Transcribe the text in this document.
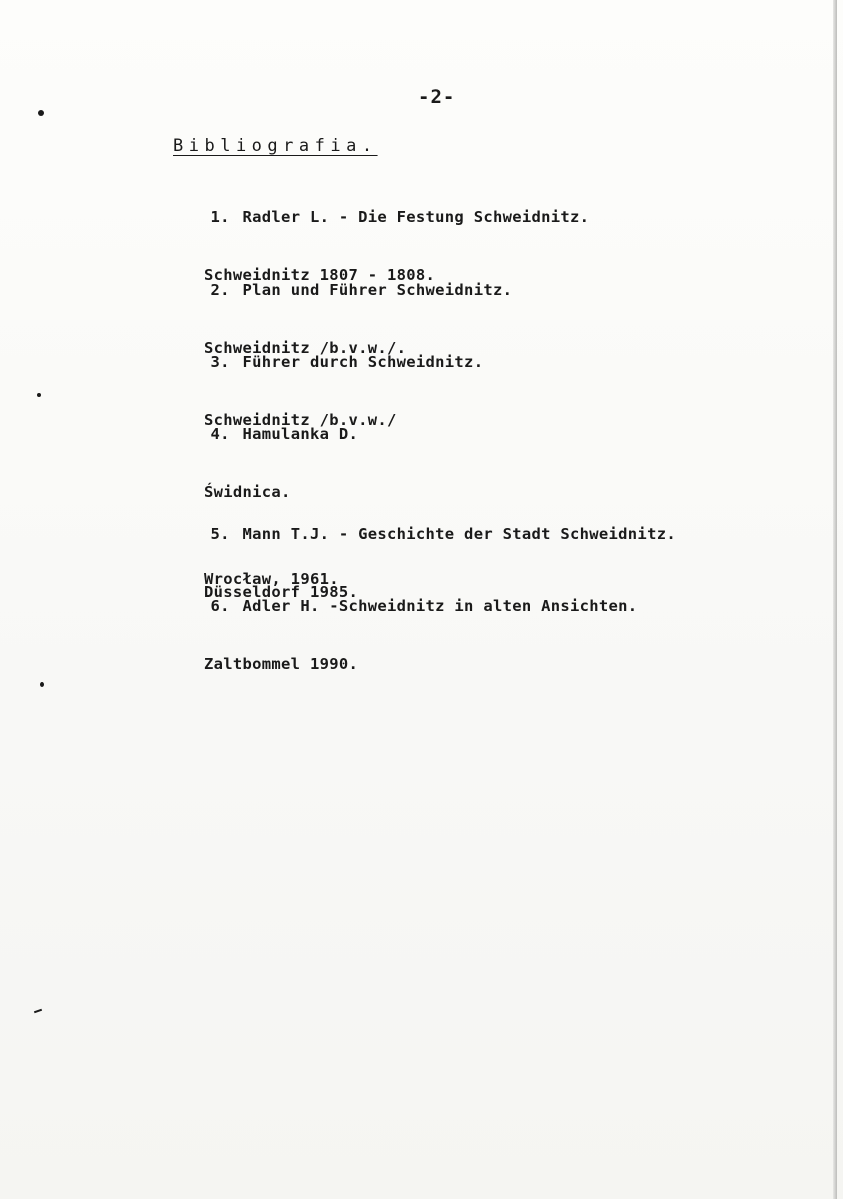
-2-
Bibliografia.

1. Radler L. - Die Festung Schweidnitz.

Schweidnitz 1807 - 1808.

2. Plan und Führer Schweidnitz.

Schweidnitz /b.v.w./.

3. Führer durch Schweidnitz.

Schweidnitz /b.v.w./

4. Hamulanka D.

Świdnica.

Wrocław, 1961.

5. Mann T.J. - Geschichte der Stadt Schweidnitz.

Düsseldorf 1985.

6. Adler H. -Schweidnitz in alten Ansichten.

Zaltbommel 1990.
